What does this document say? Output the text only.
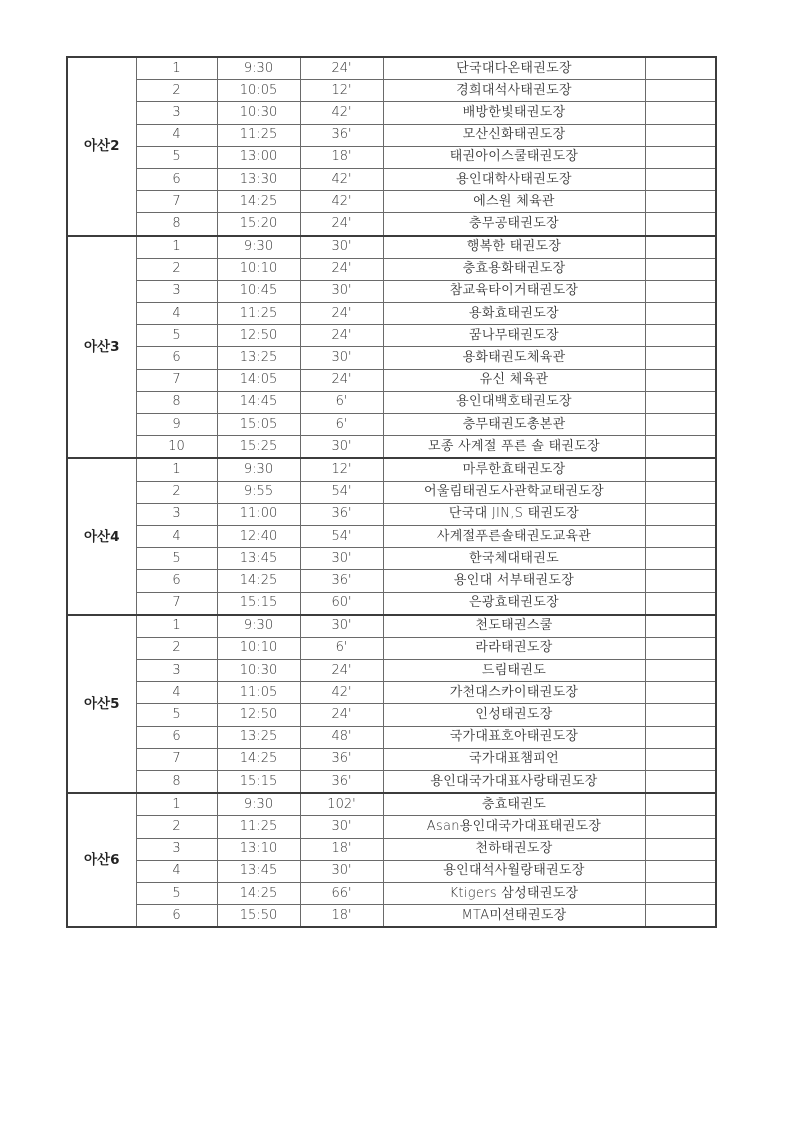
아산2	1	9:30	24'	단국대다온태권도장	
	2	10:05	12'	경희대석사태권도장	
	3	10:30	42'	배방한빛태권도장	
	4	11:25	36'	모산신화태권도장	
	5	13:00	18'	태권아이스쿨태권도장	
	6	13:30	42'	용인대학사태권도장	
	7	14:25	42'	에스원 체육관	
	8	15:20	24'	충무공태권도장	
아산3	1	9:30	30'	행복한 태권도장	
	2	10:10	24'	충효용화태권도장	
	3	10:45	30'	참교육타이거태권도장	
	4	11:25	24'	용화효태권도장	
	5	12:50	24'	꿈나무태권도장	
	6	13:25	30'	용화태권도체육관	
	7	14:05	24'	유신 체육관	
	8	14:45	6'	용인대백호태권도장	
	9	15:05	6'	충무태권도총본관	
	10	15:25	30'	모종 사계절 푸른 솔 태권도장	
아산4	1	9:30	12'	마루한효태권도장	
	2	9:55	54'	어울림태권도사관학교태권도장	
	3	11:00	36'	단국대 JIN,S 태권도장	
	4	12:40	54'	사계절푸른솔태권도교육관	
	5	13:45	30'	한국체대태권도	
	6	14:25	36'	용인대 서부태권도장	
	7	15:15	60'	은광효태권도장	
아산5	1	9:30	30'	천도태권스쿨	
	2	10:10	6'	라라태권도장	
	3	10:30	24'	드림태권도	
	4	11:05	42'	가천대스카이태권도장	
	5	12:50	24'	인성태권도장	
	6	13:25	48'	국가대표호아태권도장	
	7	14:25	36'	국가대표챔피언	
	8	15:15	36'	용인대국가대표사랑태권도장	
아산6	1	9:30	102'	충효태권도	
	2	11:25	30'	Asan용인대국가대표태권도장	
	3	13:10	18'	천하태권도장	
	4	13:45	30'	용인대석사월랑태권도장	
	5	14:25	66'	Ktigers 삼성태권도장	
	6	15:50	18'	MTA미션태권도장	
